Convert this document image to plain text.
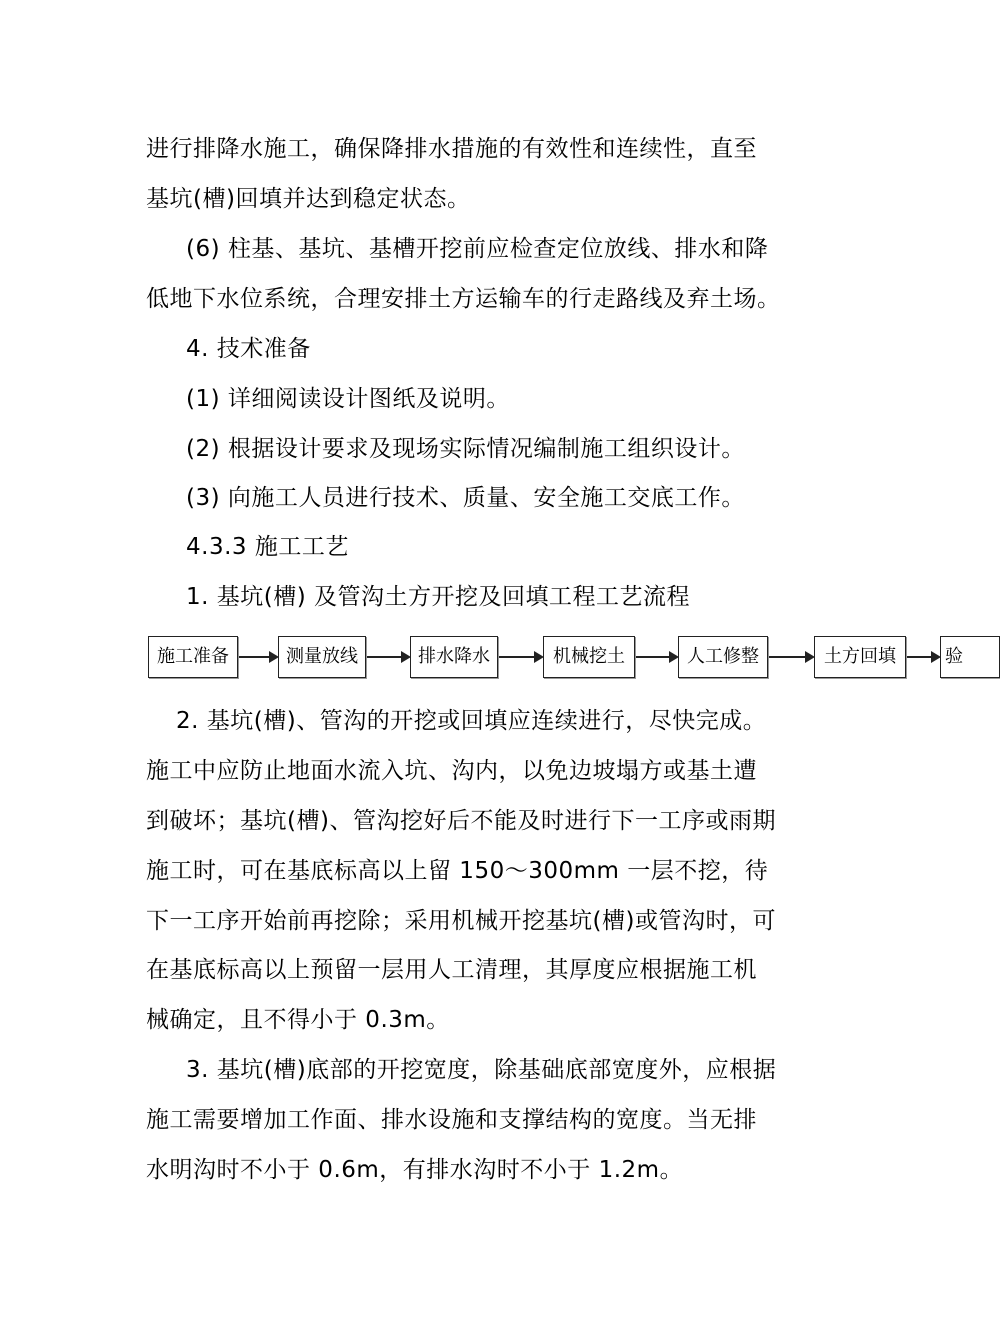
进行排降水施工，确保降排水措施的有效性和连续性，直至
基坑(槽)回填并达到稳定状态。
(6) 柱基、基坑、基槽开挖前应检查定位放线、排水和降
低地下水位系统，合理安排土方运输车的行走路线及弃土场。
4. 技术准备
(1) 详细阅读设计图纸及说明。
(2) 根据设计要求及现场实际情况编制施工组织设计。
(3) 向施工人员进行技术、质量、安全施工交底工作。
4.3.3 施工工艺
1. 基坑(槽) 及管沟土方开挖及回填工程工艺流程
施工准备	测量放线	排水降水	机械挖土	人工修整	土方回填	验
2. 基坑(槽)、管沟的开挖或回填应连续进行，尽快完成。
施工中应防止地面水流入坑、沟内，以免边坡塌方或基土遭
到破坏；基坑(槽)、管沟挖好后不能及时进行下一工序或雨期
施工时，可在基底标高以上留 150～300mm 一层不挖，待
下一工序开始前再挖除；采用机械开挖基坑(槽)或管沟时，可
在基底标高以上预留一层用人工清理，其厚度应根据施工机
械确定，且不得小于 0.3m。
3. 基坑(槽)底部的开挖宽度，除基础底部宽度外，应根据
施工需要增加工作面、排水设施和支撑结构的宽度。当无排
水明沟时不小于 0.6m，有排水沟时不小于 1.2m。
